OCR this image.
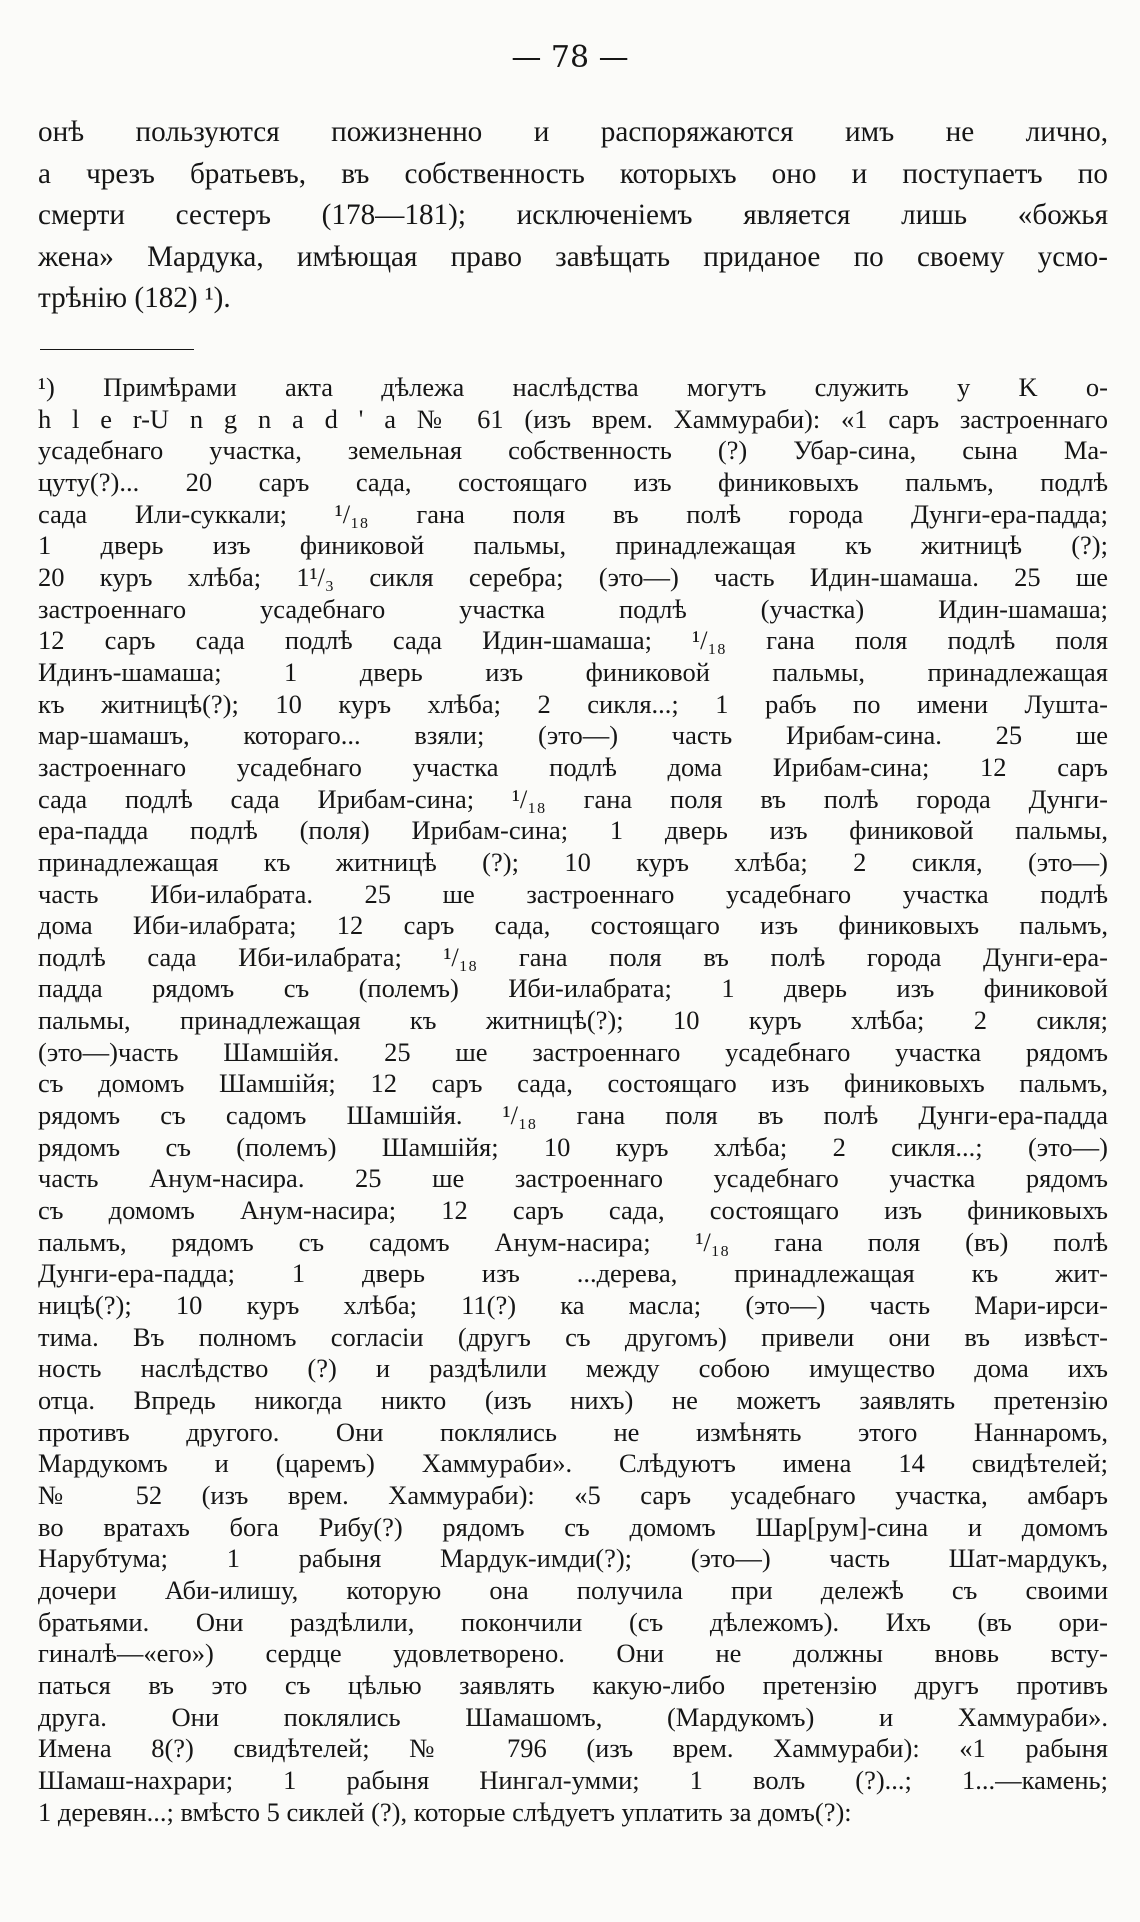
— 78 —
онѣ пользуются пожизненно и распоряжаются имъ не лично,
а чрезъ братьевъ, въ собственность которыхъ оно и поступаетъ по
смерти сестеръ (178—181); исключеніемъ является лишь «божья
жена» Мардука, имѣющая право завѣщать приданое по своему усмо-
трѣнію (182) ¹).
¹) Примѣрами акта дѣлежа наслѣдства могутъ служить у K o-
h l e r-U n g n a d ' a № 61 (изъ врем. Хаммураби): «1 саръ застроеннаго
усадебнаго участка, земельная собственность (?) Убар-сина, сына Ма-
цуту(?)... 20 саръ сада, состоящаго изъ финиковыхъ пальмъ, подлѣ
сада Или-суккали; ¹/₁₈ гана поля въ полѣ города Дунги-ера-падда;
1 дверь изъ финиковой пальмы, принадлежащая къ житницѣ (?);
20 куръ хлѣба; 1¹/₃ сикля серебра; (это—) часть Идин-шамаша. 25 ше
застроеннаго усадебнаго участка подлѣ (участка) Идин-шамаша;
12 саръ сада подлѣ сада Идин-шамаша; ¹/₁₈ гана поля подлѣ поля
Идинъ-шамаша; 1 дверь изъ финиковой пальмы, принадлежащая
къ житницѣ(?); 10 куръ хлѣба; 2 сикля...; 1 рабъ по имени Лушта-
мар-шамашъ, котораго... взяли; (это—) часть Ирибам-сина. 25 ше
застроеннаго усадебнаго участка подлѣ дома Ирибам-сина; 12 саръ
сада подлѣ сада Ирибам-сина; ¹/₁₈ гана поля въ полѣ города Дунги-
ера-падда подлѣ (поля) Ирибам-сина; 1 дверь изъ финиковой пальмы,
принадлежащая къ житницѣ (?); 10 куръ хлѣба; 2 сикля, (это—)
часть Иби-илабрата. 25 ше застроеннаго усадебнаго участка подлѣ
дома Иби-илабрата; 12 саръ сада, состоящаго изъ финиковыхъ пальмъ,
подлѣ сада Иби-илабрата; ¹/₁₈ гана поля въ полѣ города Дунги-ера-
падда рядомъ съ (полемъ) Иби-илабрата; 1 дверь изъ финиковой
пальмы, принадлежащая къ житницѣ(?); 10 куръ хлѣба; 2 сикля;
(это—)часть Шамшійя. 25 ше застроеннаго усадебнаго участка рядомъ
съ домомъ Шамшійя; 12 саръ сада, состоящаго изъ финиковыхъ пальмъ,
рядомъ съ садомъ Шамшійя. ¹/₁₈ гана поля въ полѣ Дунги-ера-падда
рядомъ съ (полемъ) Шамшійя; 10 куръ хлѣба; 2 сикля...; (это—)
часть Анум-насира. 25 ше застроеннаго усадебнаго участка рядомъ
съ домомъ Анум-насира; 12 саръ сада, состоящаго изъ финиковыхъ
пальмъ, рядомъ съ садомъ Анум-насира; ¹/₁₈ гана поля (въ) полѣ
Дунги-ера-падда; 1 дверь изъ ...дерева, принадлежащая къ жит-
ницѣ(?); 10 куръ хлѣба; 11(?) ка масла; (это—) часть Мари-ирси-
тима. Въ полномъ согласіи (другъ съ другомъ) привели они въ извѣст-
ность наслѣдство (?) и раздѣлили между собою имущество дома ихъ
отца. Впредь никогда никто (изъ нихъ) не можетъ заявлять претензію
противъ другого. Они поклялись не измѣнять этого Наннаромъ,
Мардукомъ и (царемъ) Хаммураби». Слѣдуютъ имена 14 свидѣтелей;
№ 52 (изъ врем. Хаммураби): «5 саръ усадебнаго участка, амбаръ
во вратахъ бога Рибу(?) рядомъ съ домомъ Шар[рум]-сина и домомъ
Нарубтума; 1 рабыня Мардук-имди(?); (это—) часть Шат-мардукъ,
дочери Аби-илишу, которую она получила при дележѣ съ своими
братьями. Они раздѣлили, покончили (съ дѣлежомъ). Ихъ (въ ори-
гиналѣ—«его») сердце удовлетворено. Они не должны вновь всту-
паться въ это съ цѣлью заявлять какую-либо претензію другъ противъ
друга. Они поклялись Шамашомъ, (Мардукомъ) и Хаммураби».
Имена 8(?) свидѣтелей; № 796 (изъ врем. Хаммураби): «1 рабыня
Шамаш-нахрари; 1 рабыня Нингал-умми; 1 волъ (?)...; 1...—камень;
1 деревян...; вмѣсто 5 сиклей (?), которые слѣдуетъ уплатить за домъ(?):
